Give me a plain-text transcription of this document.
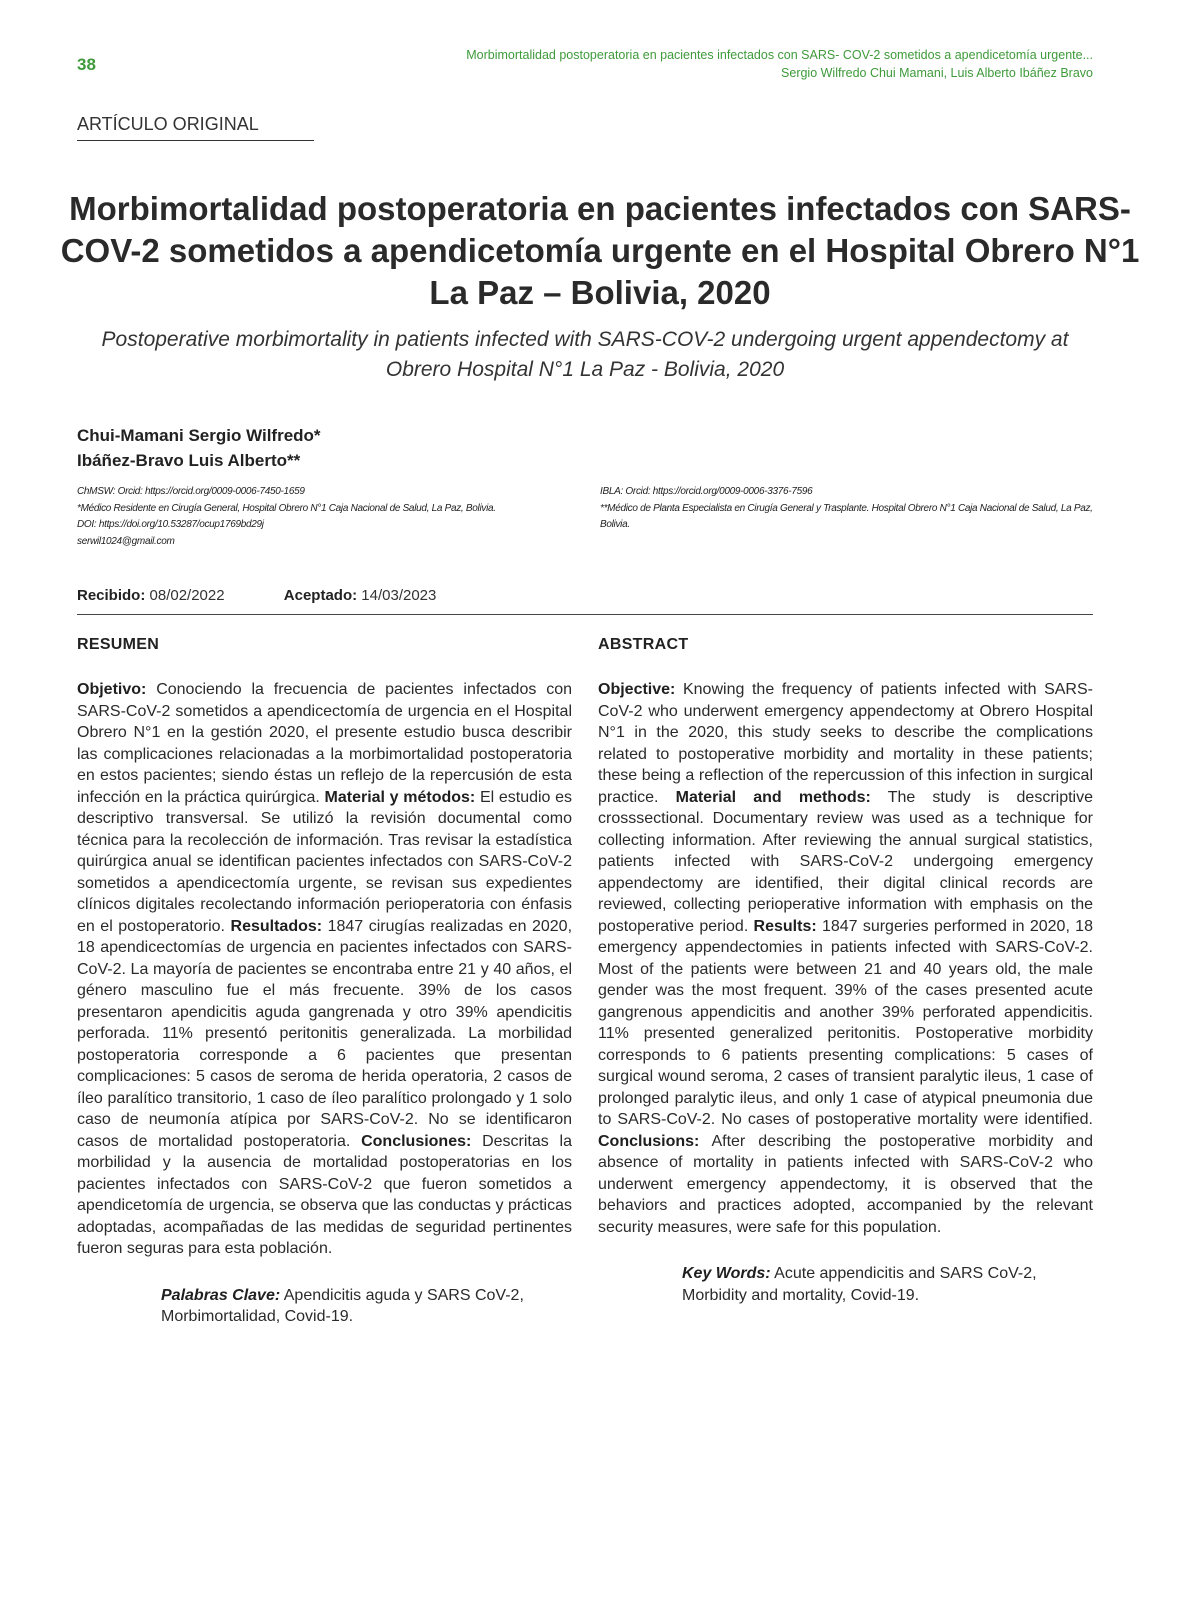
38	Morbimortalidad postoperatoria en pacientes infectados con SARS- COV-2 sometidos a apendicetomía urgente...
Sergio Wilfredo Chui Mamani, Luis Alberto Ibáñez Bravo
ARTÍCULO ORIGINAL
Morbimortalidad postoperatoria en pacientes infectados con SARS-COV-2 sometidos a apendicetomía urgente en el Hospital Obrero N°1 La Paz – Bolivia, 2020

Postoperative morbimortality in patients infected with SARS-COV-2 undergoing urgent appendectomy at Obrero Hospital N°1 La Paz - Bolivia, 2020

Chui-Mamani Sergio Wilfredo*
Ibáñez-Bravo Luis Alberto**
ChMSW: Orcid: https://orcid.org/0009-0006-7450-1659
*Médico Residente en Cirugía General, Hospital Obrero N°1 Caja Nacional de Salud, La Paz, Bolivia.
DOI: https://doi.org/10.53287/ocup1769bd29j
serwil1024@gmail.com
IBLA: Orcid: https://orcid.org/0009-0006-3376-7596
**Médico de Planta Especialista en Cirugía General y Trasplante. Hospital Obrero N°1 Caja Nacional de Salud, La Paz, Bolivia.
Recibido: 08/02/2022	Aceptado: 14/03/2023
RESUMEN

Objetivo: Conociendo la frecuencia de pacientes infectados con SARS-CoV-2 sometidos a apendicectomía de urgencia en el Hospital Obrero N°1 en la gestión 2020, el presente estudio busca describir las complicaciones relacionadas a la morbimortalidad postoperatoria en estos pacientes; siendo éstas un reflejo de la repercusión de esta infección en la práctica quirúrgica. Material y métodos: El estudio es descriptivo transversal. Se utilizó la revisión documental como técnica para la recolección de información. Tras revisar la estadística quirúrgica anual se identifican pacientes infectados con SARS-CoV-2 sometidos a apendicectomía urgente, se revisan sus expedientes clínicos digitales recolectando información perioperatoria con énfasis en el postoperatorio. Resultados: 1847 cirugías realizadas en 2020, 18 apendicectomías de urgencia en pacientes infectados con SARS-CoV-2. La mayoría de pacientes se encontraba entre 21 y 40 años, el género masculino fue el más frecuente. 39% de los casos presentaron apendicitis aguda gangrenada y otro 39% apendicitis perforada. 11% presentó peritonitis generalizada. La morbilidad postoperatoria corresponde a 6 pacientes que presentan complicaciones: 5 casos de seroma de herida operatoria, 2 casos de íleo paralítico transitorio, 1 caso de íleo paralítico prolongado y 1 solo caso de neumonía atípica por SARS-CoV-2. No se identificaron casos de mortalidad postoperatoria. Conclusiones: Descritas la morbilidad y la ausencia de mortalidad postoperatorias en los pacientes infectados con SARS-CoV-2 que fueron sometidos a apendicetomía de urgencia, se observa que las conductas y prácticas adoptadas, acompañadas de las medidas de seguridad pertinentes fueron seguras para esta población.

Palabras Clave: Apendicitis aguda y SARS CoV-2, Morbimortalidad, Covid-19.

ABSTRACT

Objective: Knowing the frequency of patients infected with SARS-CoV-2 who underwent emergency appendectomy at Obrero Hospital N°1 in the 2020, this study seeks to describe the complications related to postoperative morbidity and mortality in these patients; these being a reflection of the repercussion of this infection in surgical practice. Material and methods: The study is descriptive crosssectional. Documentary review was used as a technique for collecting information. After reviewing the annual surgical statistics, patients infected with SARS-CoV-2 undergoing emergency appendectomy are identified, their digital clinical records are reviewed, collecting perioperative information with emphasis on the postoperative period. Results: 1847 surgeries performed in 2020, 18 emergency appendectomies in patients infected with SARS-CoV-2. Most of the patients were between 21 and 40 years old, the male gender was the most frequent. 39% of the cases presented acute gangrenous appendicitis and another 39% perforated appendicitis. 11% presented generalized peritonitis. Postoperative morbidity corresponds to 6 patients presenting complications: 5 cases of surgical wound seroma, 2 cases of transient paralytic ileus, 1 case of prolonged paralytic ileus, and only 1 case of atypical pneumonia due to SARS-CoV-2. No cases of postoperative mortality were identified. Conclusions: After describing the postoperative morbidity and absence of mortality in patients infected with SARS-CoV-2 who underwent emergency appendectomy, it is observed that the behaviors and practices adopted, accompanied by the relevant security measures, were safe for this population.

Key Words: Acute appendicitis and SARS CoV-2, Morbidity and mortality, Covid-19.
